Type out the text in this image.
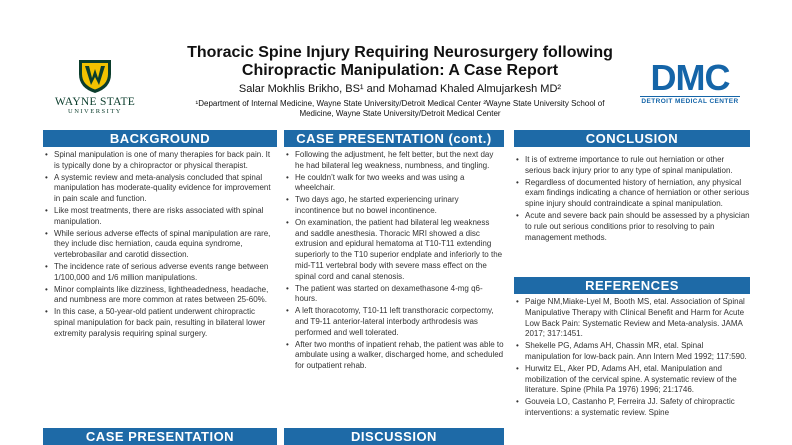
WAYNE STATE
UNIVERSITY
DMC
DETROIT MEDICAL CENTER
Thoracic Spine Injury Requiring Neurosurgery following
Chiropractic Manipulation: A Case Report
Salar Mokhlis Brikho, BS¹ and Mohamad Khaled Almujarkesh MD²
¹Department of Internal Medicine, Wayne State University/Detroit Medical Center ²Wayne State University School of
Medicine, Wayne State University/Detroit Medical Center
BACKGROUND
• Spinal manipulation is one of many therapies for back pain. It is typically done by a chiropractor or physical therapist.
• A systemic review and meta-analysis concluded that spinal manipulation has moderate-quality evidence for improvement in pain scale and function.
• Like most treatments, there are risks associated with spinal manipulation.
• While serious adverse effects of spinal manipulation are rare, they include disc herniation, cauda equina syndrome, vertebrobasilar and carotid dissection.
• The incidence rate of serious adverse events range between 1/100,000 and 1/6 million manipulations.
• Minor complaints like dizziness, lightheadedness, headache, and numbness are more common at rates between 25-60%.
• In this case, a 50-year-old patient underwent chiropractic spinal manipulation for back pain, resulting in bilateral lower extremity paralysis requiring spinal surgery.
CASE PRESENTATION
CASE PRESENTATION (cont.)
• Following the adjustment, he felt better, but the next day he had bilateral leg weakness, numbness, and tingling.
• He couldn’t walk for two weeks and was using a wheelchair.
• Two days ago, he started experiencing urinary incontinence but no bowel incontinence.
• On examination, the patient had bilateral leg weakness and saddle anesthesia. Thoracic MRI showed a disc extrusion and epidural hematoma at T10-T11 extending superiorly to the T10 superior endplate and inferiorly to the mid-T11 vertebral body with severe mass effect on the spinal cord and canal stenosis.
• The patient was started on dexamethasone 4-mg q6-hours.
• A left thoracotomy, T10-11 left transthoracic corpectomy, and T9-11 anterior-lateral interbody arthrodesis was performed and well tolerated.
• After two months of inpatient rehab, the patient was able to ambulate using a walker, discharged home, and scheduled for outpatient rehab.
DISCUSSION
CONCLUSION
• It is of extreme importance to rule out herniation or other serious back injury prior to any type of spinal manipulation.
• Regardless of documented history of herniation, any physical exam findings indicating a chance of herniation or other serious spine injury should contraindicate a spinal manipulation.
• Acute and severe back pain should be assessed by a physician to rule out serious conditions prior to resolving to pain management methods.
REFERENCES
• Paige NM,Miake-Lyel M, Booth MS, etal. Association of Spinal Manipulative Therapy with Clinical Benefit and Harm for Acute Low Back Pain: Systematic Review and Meta-analysis. JAMA 2017; 317:1451.
• Shekelle PG, Adams AH, Chassin MR, etal. Spinal manipulation for low-back pain. Ann Intern Med 1992; 117:590.
• Hurwitz EL, Aker PD, Adams AH, etal. Manipulation and mobilization of the cervical spine. A systematic review of the literature. Spine (Phila Pa 1976) 1996; 21:1746.
• Gouveia LO, Castanho P, Ferreira JJ. Safety of chiropractic interventions: a systematic review. Spine
